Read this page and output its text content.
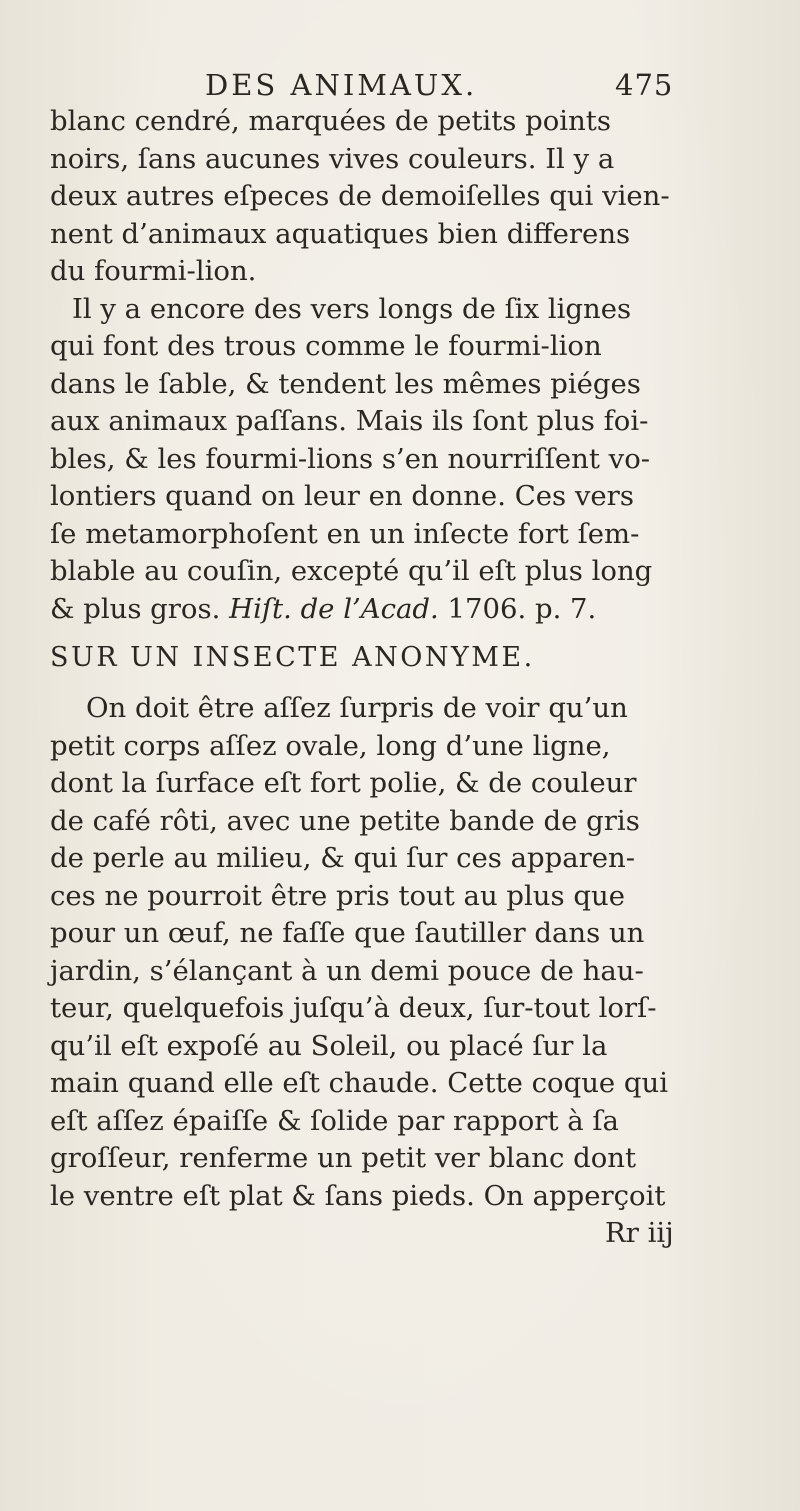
DES ANIMAUX.	475
blanc cendré, marquées de petits points
noirs, ſans aucunes vives couleurs. Il y a
deux autres eſpeces de demoiſelles qui vien-
nent d’animaux aquatiques bien differens
du fourmi-lion.
Il y a encore des vers longs de ſix lignes
qui font des trous comme le fourmi-lion
dans le ſable, & tendent les mêmes piéges
aux animaux paſſans. Mais ils ſont plus foi-
bles, & les fourmi-lions s’en nourriſſent vo-
lontiers quand on leur en donne. Ces vers
ſe metamorphoſent en un inſecte fort ſem-
blable au couſin, excepté qu’il eſt plus long
& plus gros. Hiſt. de l’Acad. 1706. p. 7.
SUR UN INSECTE ANONYME.
On doit être aſſez ſurpris de voir qu’un
petit corps aſſez ovale, long d’une ligne,
dont la ſurface eſt fort polie, & de couleur
de café rôti, avec une petite bande de gris
de perle au milieu, & qui ſur ces apparen-
ces ne pourroit être pris tout au plus que
pour un œuf, ne faſſe que ſautiller dans un
jardin, s’élançant à un demi pouce de hau-
teur, quelquefois juſqu’à deux, ſur-tout lorſ-
qu’il eſt expoſé au Soleil, ou placé ſur la
main quand elle eſt chaude. Cette coque qui
eſt aſſez épaiſſe & ſolide par rapport à ſa
groſſeur, renferme un petit ver blanc dont
le ventre eſt plat & ſans pieds. On apperçoit
Rr iij
